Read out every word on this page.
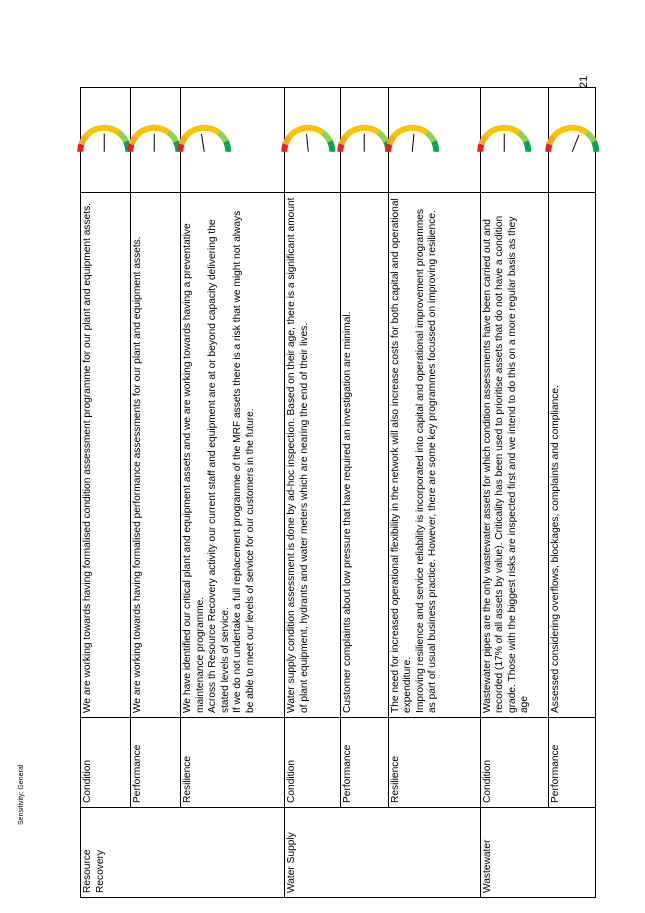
21
Sensitivity: General
Resource Recovery	Condition	We are working towards having formalised condition assessment programme for our plant and equipment assets.

	Performance	We are working towards having formalised performance assessments for our plant and equipment assets.

	Resilience	We have identified our critical plant and equipment assets and we are working towards having a preventative maintenance programme. Across th Resource Recovery activity our current staff and equipment are at or beyond capacity delivering the stated levels of service. If we do not undertake a full replacement programme of the MRF assets there is a risk that we might not always be able to meet our levels of service for our customers in the future.

Water Supply	Condition	Water supply condition assessment is done by ad-hoc inspection. Based on their age, there is a significant amount of plant equipment, hydrants and water meters which are nearing the end of their lives.

	Performance	Customer complaints about low pressure that have required an investigation are minimal.

	Resilience	The need for increased operational flexibility in the network will also increase costs for both capital and operational expenditure. Improving resilience and service reliability is incorporated into capital and operational improvement programmes as part of usual business practice. However, there are some key programmes focussed on improving resilience.

Wastewater	Condition	Wastewater pipes are the only wastewater assets for which condition assessments have been carried out and recorded (17% of all assets by value). Criticality has been used to prioritise assets that do not have a condition grade. Those with the biggest risks are inspected first and we intend to do this on a more regular basis as they age

	Performance	Assessed considering overflows, blockages, complaints and compliance.
